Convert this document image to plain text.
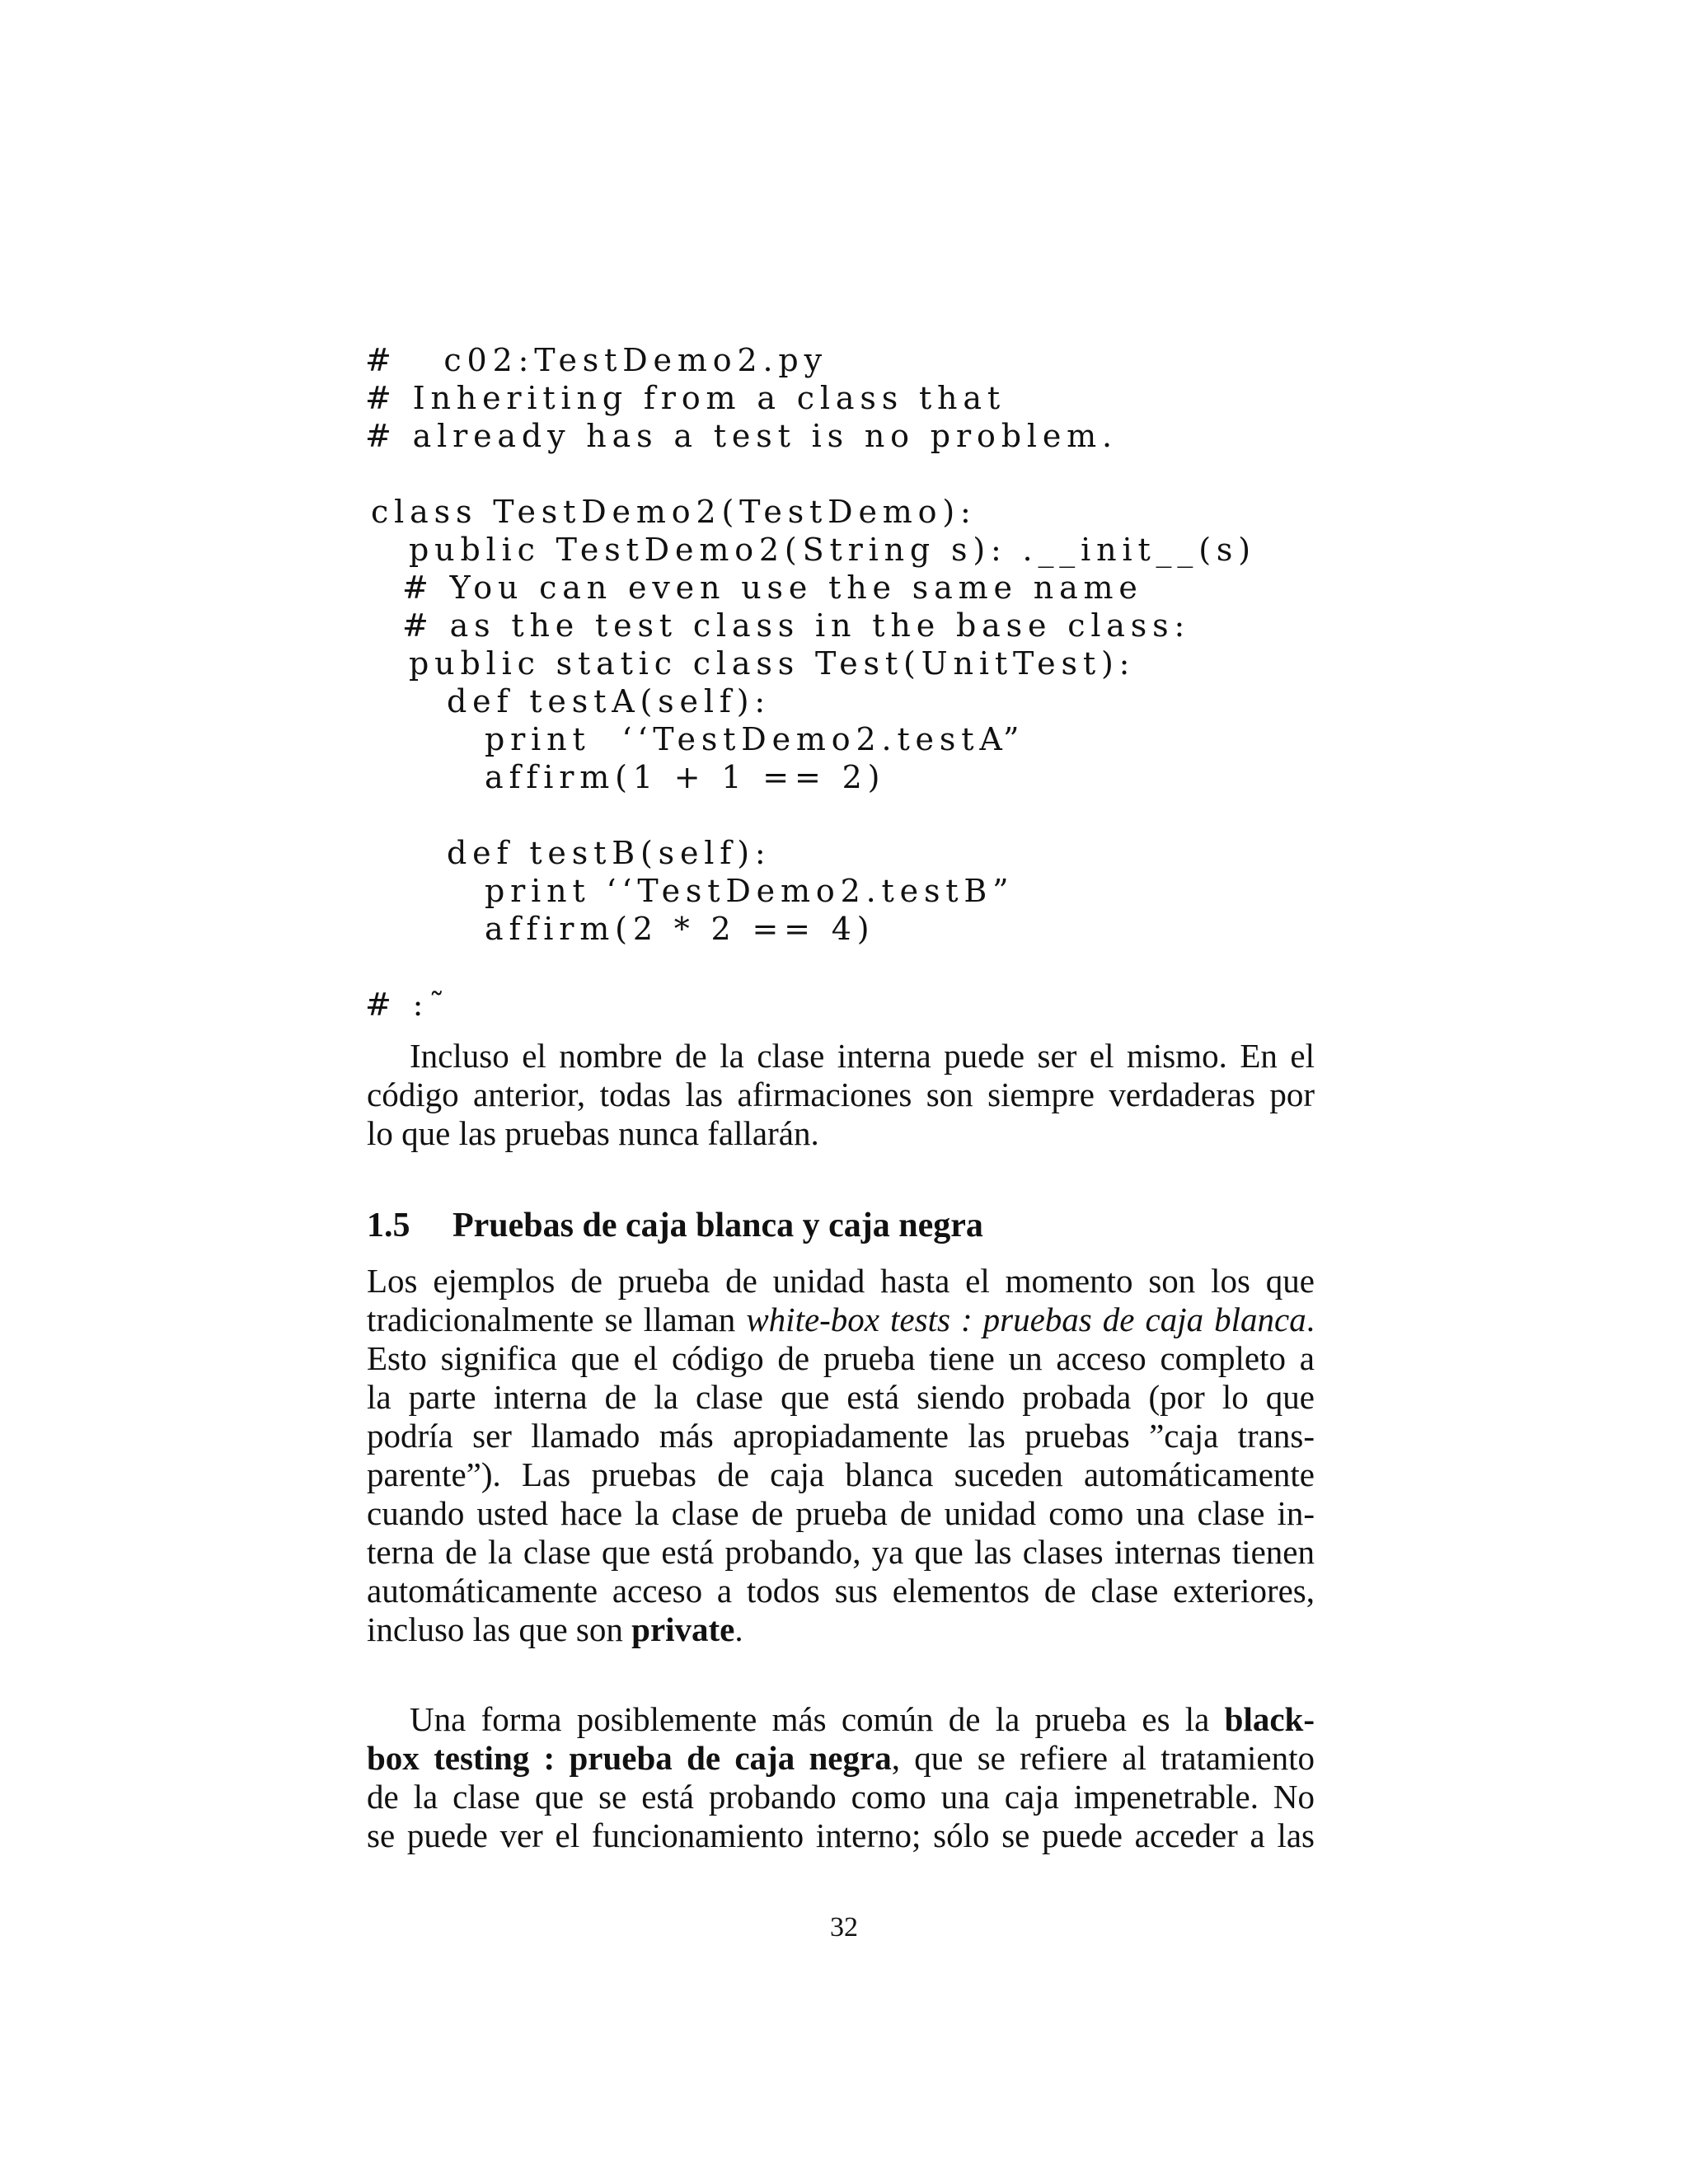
#   c02:TestDemo2.py
# Inheriting from a class that
# already has a test is no problem.
class TestDemo2(TestDemo):
public TestDemo2(String s): .__init__(s)
# You can even use the same name
# as the test class in the base class:
public static class Test(UnitTest):
def testA(self):
print  ‘‘TestDemo2.testA”
affirm(1 + 1 == 2)
def testB(self):
print ‘‘TestDemo2.testB”
affirm(2 * 2 == 4)
# :˜
Incluso el nombre de la clase interna puede ser el mismo. En el
código anterior, todas las afirmaciones son siempre verdaderas por
lo que las pruebas nunca fallarán.
1.5 Pruebas de caja blanca y caja negra
Los ejemplos de prueba de unidad hasta el momento son los que
tradicionalmente se llaman white-box tests : pruebas de caja blanca.
Esto significa que el código de prueba tiene un acceso completo a
la parte interna de la clase que está siendo probada (por lo que
podría ser llamado más apropiadamente las pruebas ”caja trans-
parente”). Las pruebas de caja blanca suceden automáticamente
cuando usted hace la clase de prueba de unidad como una clase in-
terna de la clase que está probando, ya que las clases internas tienen
automáticamente acceso a todos sus elementos de clase exteriores,
incluso las que son private.
Una forma posiblemente más común de la prueba es la black-
box testing : prueba de caja negra, que se refiere al tratamiento
de la clase que se está probando como una caja impenetrable. No
se puede ver el funcionamiento interno; sólo se puede acceder a las
32
